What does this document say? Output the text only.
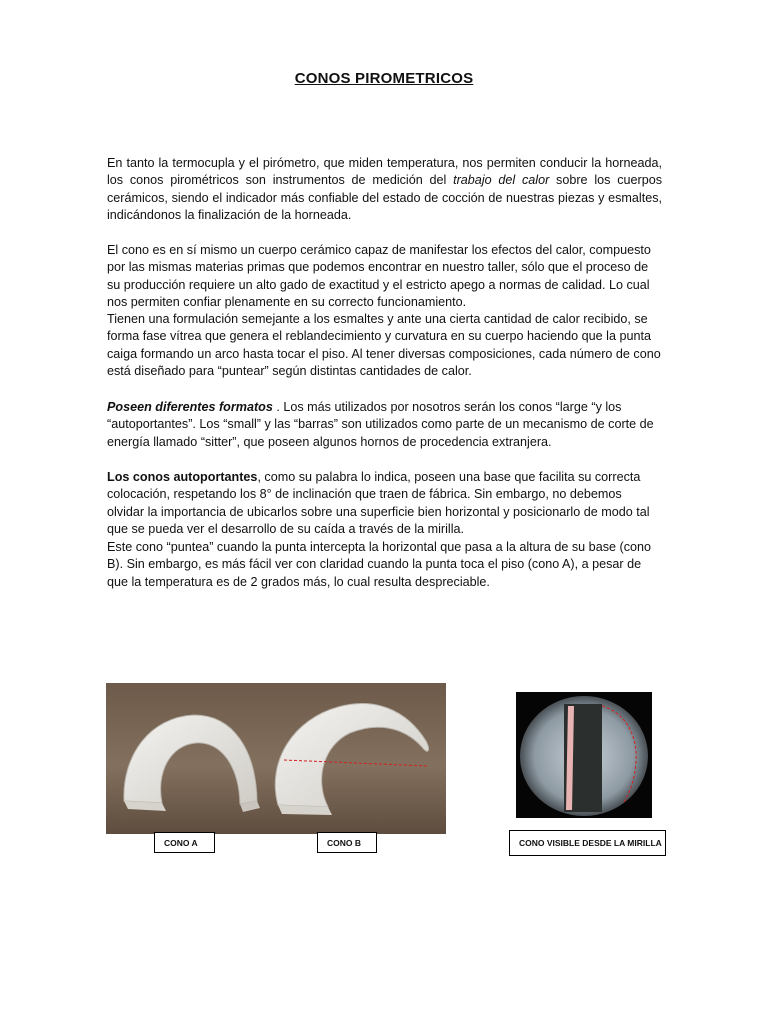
CONOS PIROMETRICOS

En tanto la termocupla y el pirómetro, que miden temperatura, nos permiten conducir la horneada, los conos pirométricos son instrumentos de medición del trabajo del calor sobre los cuerpos cerámicos, siendo el indicador más confiable del estado de cocción de nuestras piezas y esmaltes, indicándonos la finalización de la horneada.

El cono es en sí mismo un cuerpo cerámico capaz de manifestar los efectos del calor, compuesto por las mismas materias primas que podemos encontrar en nuestro taller, sólo que el proceso de su producción requiere un alto gado de exactitud y el estricto apego a normas de calidad. Lo cual nos permiten confiar plenamente en su correcto funcionamiento.
Tienen una formulación semejante a los esmaltes y ante una cierta cantidad de calor recibido, se forma fase vítrea que genera el reblandecimiento y curvatura en su cuerpo haciendo que la punta caiga formando un arco hasta tocar el piso. Al tener diversas composiciones, cada número de cono está diseñado para “puntear” según distintas cantidades de calor.

Poseen diferentes formatos . Los más utilizados por nosotros serán los conos “large “y los “autoportantes”. Los “small” y las “barras” son utilizados como parte de un mecanismo de corte de energía llamado “sitter”, que poseen algunos hornos de procedencia extranjera.

Los conos autoportantes, como su palabra lo indica, poseen una base que facilita su correcta colocación, respetando los 8° de inclinación que traen de fábrica. Sin embargo, no debemos olvidar la importancia de ubicarlos sobre una superficie bien horizontal y posicionarlo de modo tal que se pueda ver el desarrollo de su caída a través de la mirilla.

Este cono “puntea” cuando la punta intercepta la horizontal que pasa a la altura de su base (cono B). Sin embargo, es más fácil ver con claridad cuando la punta toca el piso (cono A), a pesar de que la temperatura es de 2 grados más, lo cual resulta despreciable.

CONO A	CONO B	CONO VISIBLE DESDE LA MIRILLA
